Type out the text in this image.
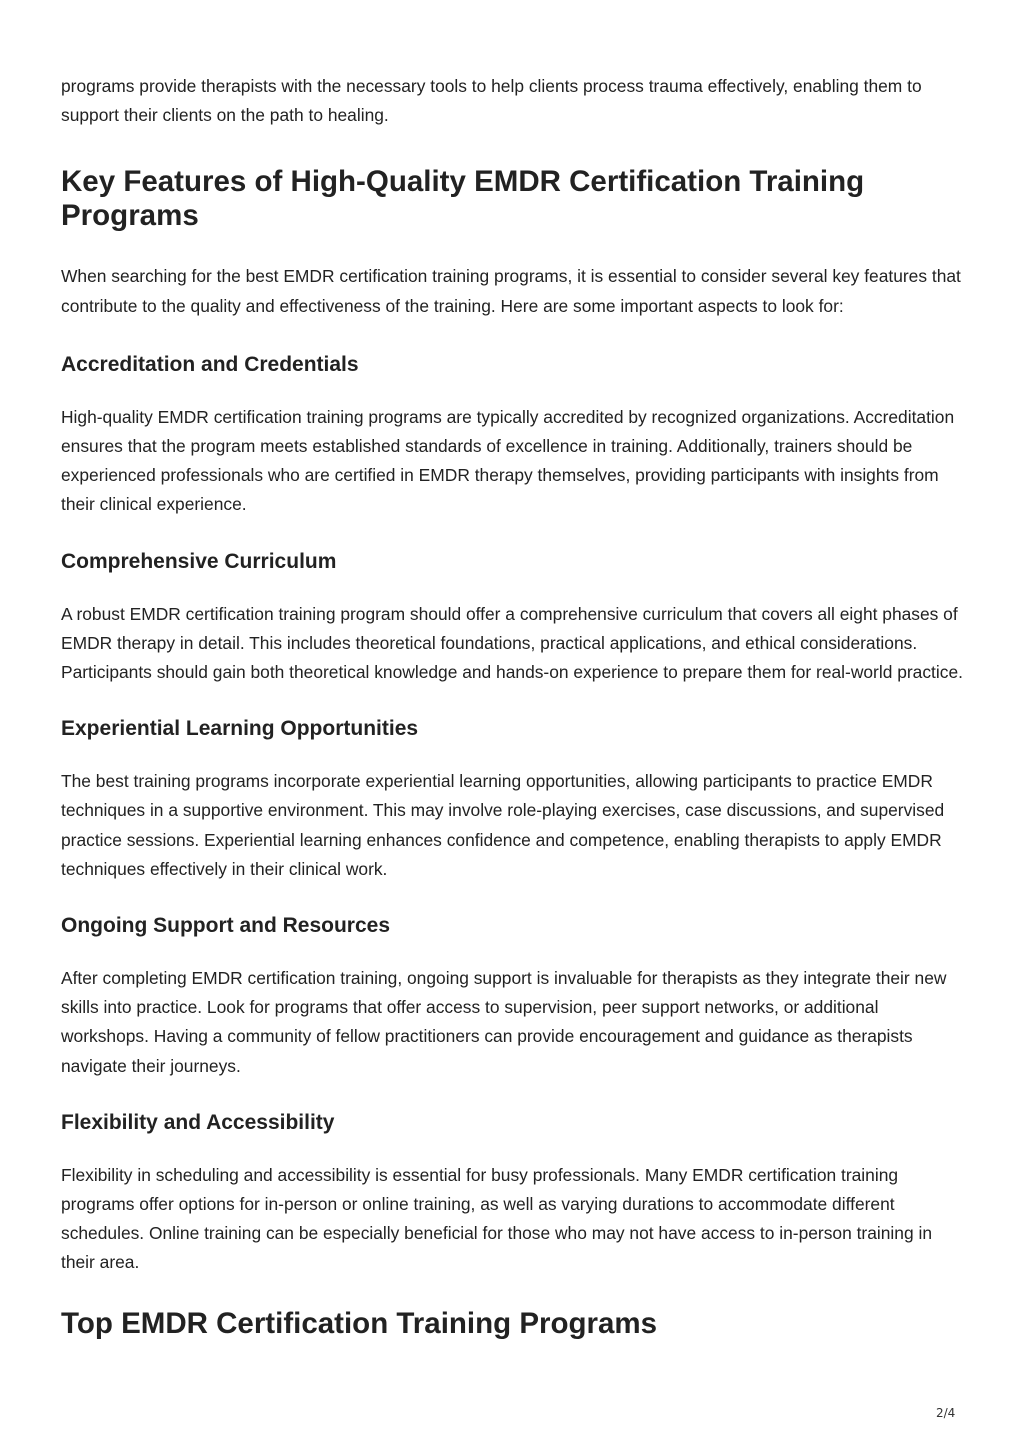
programs provide therapists with the necessary tools to help clients process trauma effectively, enabling them to support their clients on the path to healing.

Key Features of High-Quality EMDR Certification Training Programs

When searching for the best EMDR certification training programs, it is essential to consider several key features that contribute to the quality and effectiveness of the training. Here are some important aspects to look for:

Accreditation and Credentials

High-quality EMDR certification training programs are typically accredited by recognized organizations. Accreditation ensures that the program meets established standards of excellence in training. Additionally, trainers should be experienced professionals who are certified in EMDR therapy themselves, providing participants with insights from their clinical experience.

Comprehensive Curriculum

A robust EMDR certification training program should offer a comprehensive curriculum that covers all eight phases of EMDR therapy in detail. This includes theoretical foundations, practical applications, and ethical considerations. Participants should gain both theoretical knowledge and hands-on experience to prepare them for real-world practice.

Experiential Learning Opportunities

The best training programs incorporate experiential learning opportunities, allowing participants to practice EMDR techniques in a supportive environment. This may involve role-playing exercises, case discussions, and supervised practice sessions. Experiential learning enhances confidence and competence, enabling therapists to apply EMDR techniques effectively in their clinical work.

Ongoing Support and Resources

After completing EMDR certification training, ongoing support is invaluable for therapists as they integrate their new skills into practice. Look for programs that offer access to supervision, peer support networks, or additional workshops. Having a community of fellow practitioners can provide encouragement and guidance as therapists navigate their journeys.

Flexibility and Accessibility

Flexibility in scheduling and accessibility is essential for busy professionals. Many EMDR certification training programs offer options for in-person or online training, as well as varying durations to accommodate different schedules. Online training can be especially beneficial for those who may not have access to in-person training in their area.

Top EMDR Certification Training Programs
2/4
